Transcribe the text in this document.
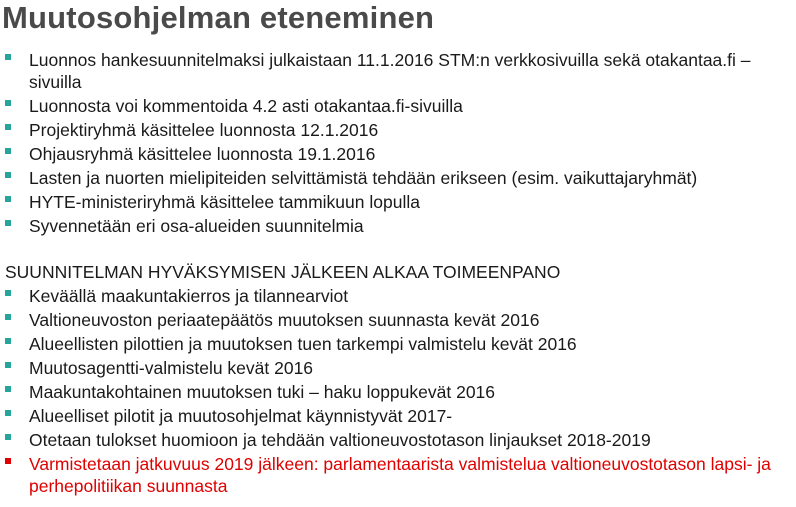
Muutosohjelman eteneminen
Luonnos hankesuunnitelmaksi julkaistaan 11.1.2016 STM:n verkkosivuilla sekä otakantaa.fi –sivuilla
Luonnosta voi kommentoida 4.2 asti otakantaa.fi-sivuilla
Projektiryhmä käsittelee luonnosta 12.1.2016
Ohjausryhmä käsittelee luonnosta 19.1.2016
Lasten ja nuorten mielipiteiden selvittämistä tehdään erikseen (esim. vaikuttajaryhmät)
HYTE-ministeriryhmä käsittelee tammikuun lopulla
Syvennetään eri osa-alueiden suunnitelmia
SUUNNITELMAN HYVÄKSYMISEN JÄLKEEN ALKAA TOIMEENPANO
Keväällä maakuntakierros ja tilannearviot
Valtioneuvoston periaatepäätös muutoksen suunnasta kevät 2016
Alueellisten pilottien ja muutoksen tuen tarkempi valmistelu kevät 2016
Muutosagentti-valmistelu kevät 2016
Maakuntakohtainen muutoksen tuki – haku loppukevät 2016
Alueelliset pilotit ja muutosohjelmat käynnistyvät 2017-
Otetaan tulokset huomioon ja tehdään valtioneuvostotason linjaukset 2018-2019
Varmistetaan jatkuvuus 2019 jälkeen: parlamentaarista valmistelua valtioneuvostotason lapsi- ja perhepolitiikan suunnasta
